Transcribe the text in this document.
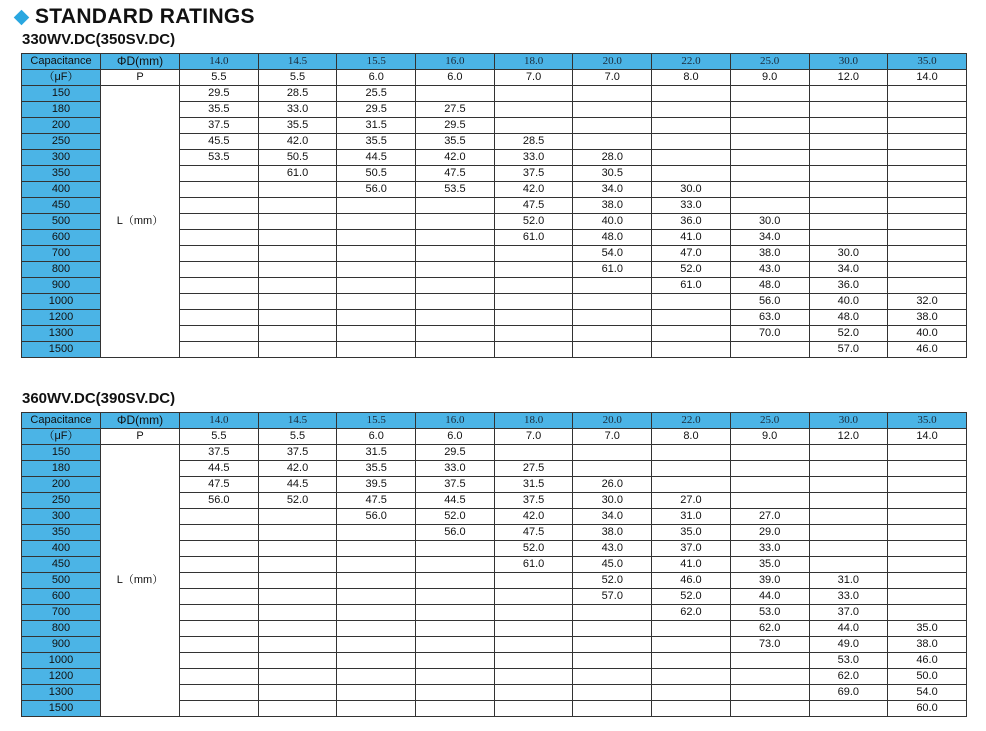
STANDARD RATINGS
330WV.DC(350SV.DC)
Capacitance	ΦD(mm)	14.0	14.5	15.5	16.0	18.0	20.0	22.0	25.0	30.0	35.0
（μF）	P	5.5	5.5	6.0	6.0	7.0	7.0	8.0	9.0	12.0	14.0
150	L（mm）	29.5	28.5	25.5							
180		35.5	33.0	29.5	27.5						
200		37.5	35.5	31.5	29.5						
250		45.5	42.0	35.5	35.5	28.5					
300		53.5	50.5	44.5	42.0	33.0	28.0				
350			61.0	50.5	47.5	37.5	30.5				
400				56.0	53.5	42.0	34.0	30.0			
450						47.5	38.0	33.0			
500						52.0	40.0	36.0	30.0		
600						61.0	48.0	41.0	34.0		
700							54.0	47.0	38.0	30.0	
800							61.0	52.0	43.0	34.0	
900								61.0	48.0	36.0	
1000									56.0	40.0	32.0
1200									63.0	48.0	38.0
1300									70.0	52.0	40.0
1500										57.0	46.0
360WV.DC(390SV.DC)
Capacitance	ΦD(mm)	14.0	14.5	15.5	16.0	18.0	20.0	22.0	25.0	30.0	35.0
（μF）	P	5.5	5.5	6.0	6.0	7.0	7.0	8.0	9.0	12.0	14.0
150	L（mm）	37.5	37.5	31.5	29.5						
180		44.5	42.0	35.5	33.0	27.5					
200		47.5	44.5	39.5	37.5	31.5	26.0				
250		56.0	52.0	47.5	44.5	37.5	30.0	27.0			
300				56.0	52.0	42.0	34.0	31.0	27.0		
350					56.0	47.5	38.0	35.0	29.0		
400						52.0	43.0	37.0	33.0		
450						61.0	45.0	41.0	35.0		
500							52.0	46.0	39.0	31.0	
600							57.0	52.0	44.0	33.0	
700								62.0	53.0	37.0	
800									62.0	44.0	35.0
900									73.0	49.0	38.0
1000										53.0	46.0
1200										62.0	50.0
1300										69.0	54.0
1500											60.0
